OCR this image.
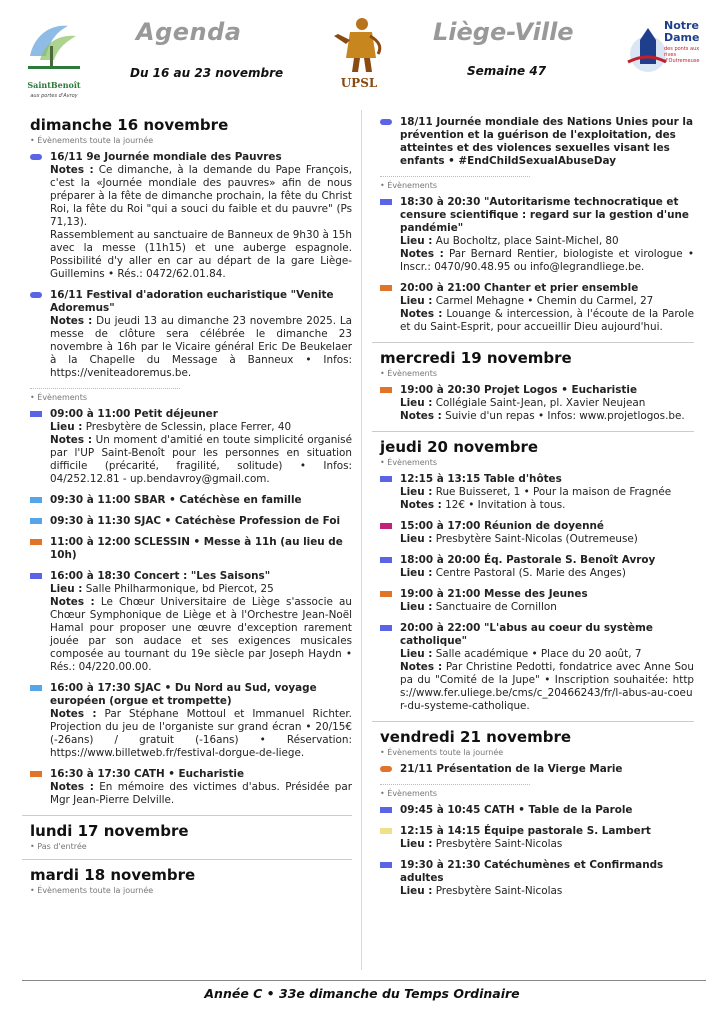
SaintBenoît
aux portes d'Avroy
Agenda
Du 16 au 23 novembre
UPSL
Liège-Ville
Semaine 47
Notre Dame
des ponts aux rives d'Outremeuse
dimanche 16 novembre
• Évènements toute la journée
16/11 9e Journée mondiale des Pauvres
Notes : Ce dimanche, à la demande du Pape François, c'est la «Journée mondiale des pauvres» afin de nous préparer à la fête de dimanche prochain, la fête du Christ Roi, la fête du Roi "qui a souci du faible et du pauvre" (Ps 71,13).
Rassemblement au sanctuaire de Banneux de 9h30 à 15h avec la messe (11h15) et une auberge espagnole. Possibilité d'y aller en car au départ de la gare Liège-Guillemins • Rés.: 0472/62.01.84.
16/11 Festival d'adoration eucharistique "Venite Adoremus"
Notes : Du jeudi 13 au dimanche 23 novembre 2025. La messe de clôture sera célébrée le dimanche 23 novembre à 16h par le Vicaire général Eric De Beukelaer à la Chapelle du Message à Banneux • Infos: https://veniteadoremus.be.
• Évènements
09:00 à 11:00 Petit déjeuner
Lieu : Presbytère de Sclessin, place Ferrer, 40
Notes : Un moment d'amitié en toute simplicité organisé par l'UP Saint-Benoît pour les personnes en situation difficile (précarité, fragilité, solitude) • Infos: 04/252.12.81 - up.bendavroy@gmail.com.
09:30 à 11:00 SBAR • Catéchèse en famille
09:30 à 11:30 SJAC • Catéchèse Profession de Foi
11:00 à 12:00 SCLESSIN • Messe à 11h (au lieu de 10h)
16:00 à 18:30 Concert : "Les Saisons"
Lieu : Salle Philharmonique, bd Piercot, 25
Notes : Le Chœur Universitaire de Liège s'associe au Chœur Symphonique de Liège et à l'Orchestre Jean-Noël Hamal pour proposer une œuvre d'exception rarement jouée par son audace et ses exigences musicales composée au tournant du 19e siècle par Joseph Haydn • Rés.: 04/220.00.00.
16:00 à 17:30 SJAC • Du Nord au Sud, voyage européen (orgue et trompette)
Notes : Par Stéphane Mottoul et Immanuel Richter. Projection du jeu de l'organiste sur grand écran • 20/15€ (-26ans) / gratuit (-16ans) • Réservation: https://www.billetweb.fr/festival-dorgue-de-liege.
16:30 à 17:30 CATH • Eucharistie
Notes : En mémoire des victimes d'abus. Présidée par Mgr Jean-Pierre Delville.
lundi 17 novembre
• Pas d'entrée
mardi 18 novembre
• Évènements toute la journée
18/11 Journée mondiale des Nations Unies pour la prévention et la guérison de l'exploitation, des atteintes et des violences sexuelles visant les enfants • #EndChildSexualAbuseDay
• Évènements
18:30 à 20:30 "Autoritarisme technocratique et censure scientifique : regard sur la gestion d'une pandémie"
Lieu : Au Bocholtz, place Saint-Michel, 80
Notes : Par Bernard Rentier, biologiste et virologue • Inscr.: 0470/90.48.95 ou info@legrandliege.be.
20:00 à 21:00 Chanter et prier ensemble
Lieu : Carmel Mehagne • Chemin du Carmel, 27
Notes : Louange & intercession, à l'écoute de la Parole et du Saint-Esprit, pour accueillir Dieu aujourd'hui.
mercredi 19 novembre
• Évènements
19:00 à 20:30 Projet Logos • Eucharistie
Lieu : Collégiale Saint-Jean, pl. Xavier Neujean
Notes : Suivie d'un repas • Infos: www.projetlogos.be.
jeudi 20 novembre
• Évènements
12:15 à 13:15 Table d'hôtes
Lieu : Rue Buisseret, 1 • Pour la maison de Fragnée
Notes : 12€ • Invitation à tous.
15:00 à 17:00 Réunion de doyenné
Lieu : Presbytère Saint-Nicolas (Outremeuse)
18:00 à 20:00 Éq. Pastorale S. Benoît Avroy
Lieu : Centre Pastoral (S. Marie des Anges)
19:00 à 21:00 Messe des Jeunes
Lieu : Sanctuaire de Cornillon
20:00 à 22:00 "L'abus au coeur du système catholique"
Lieu : Salle académique • Place du 20 août, 7
Notes : Par Christine Pedotti, fondatrice avec Anne Soupa du "Comité de la Jupe" • Inscription souhaitée: https://www.fer.uliege.be/cms/c_20466243/fr/l-abus-au-coeur-du-systeme-catholique.
vendredi 21 novembre
• Évènements toute la journée
21/11 Présentation de la Vierge Marie
• Évènements
09:45 à 10:45 CATH • Table de la Parole
12:15 à 14:15 Équipe pastorale S. Lambert
Lieu : Presbytère Saint-Nicolas
19:30 à 21:30 Catéchumènes et Confirmands adultes
Lieu : Presbytère Saint-Nicolas
Année C • 33e dimanche du Temps Ordinaire
